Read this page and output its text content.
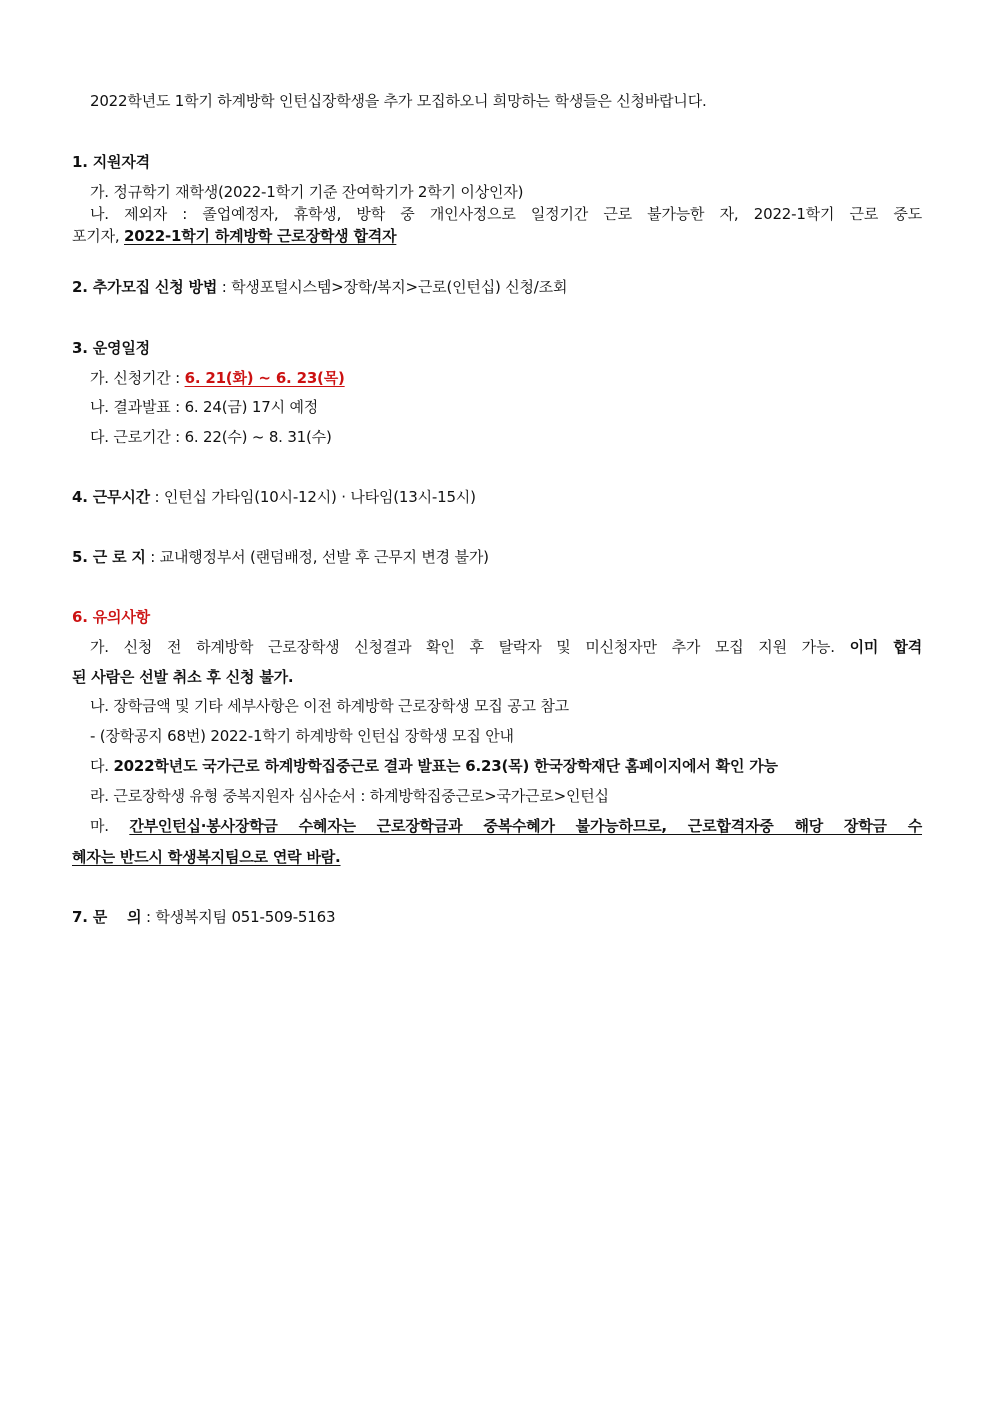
2022학년도 1학기 하계방학 인턴십장학생을 추가 모집하오니 희망하는 학생들은 신청바랍니다.
1. 지원자격
가. 정규학기 재학생(2022-1학기 기준 잔여학기가 2학기 이상인자)
나. 제외자 : 졸업예정자, 휴학생, 방학 중 개인사정으로 일정기간 근로 불가능한 자, 2022-1학기 근로 중도
포기자, 2022-1학기 하계방학 근로장학생 합격자
2. 추가모집 신청 방법 : 학생포털시스템>장학/복지>근로(인턴십) 신청/조회
3. 운영일정
가. 신청기간 : 6. 21(화) ~ 6. 23(목)
나. 결과발표 : 6. 24(금) 17시 예정
다. 근로기간 : 6. 22(수) ~ 8. 31(수)
4. 근무시간 : 인턴십 가타임(10시-12시) · 나타임(13시-15시)
5. 근 로 지 : 교내행정부서 (랜덤배정, 선발 후 근무지 변경 불가)
6. 유의사항
가. 신청 전 하계방학 근로장학생 신청결과 확인 후 탈락자 및 미신청자만 추가 모집 지원 가능. 이미 합격
된 사람은 선발 취소 후 신청 불가.
나. 장학금액 및 기타 세부사항은 이전 하계방학 근로장학생 모집 공고 참고
- (장학공지 68번) 2022-1학기 하계방학 인턴십 장학생 모집 안내
다. 2022학년도 국가근로 하계방학집중근로 결과 발표는 6.23(목) 한국장학재단 홈페이지에서 확인 가능
라. 근로장학생 유형 중복지원자 심사순서 : 하계방학집중근로>국가근로>인턴십
마. 간부인턴십·봉사장학금 수혜자는 근로장학금과 중복수혜가 불가능하므로, 근로합격자중 해당 장학금 수
혜자는 반드시 학생복지팀으로 연락 바람.
7. 문    의 : 학생복지팀 051-509-5163
